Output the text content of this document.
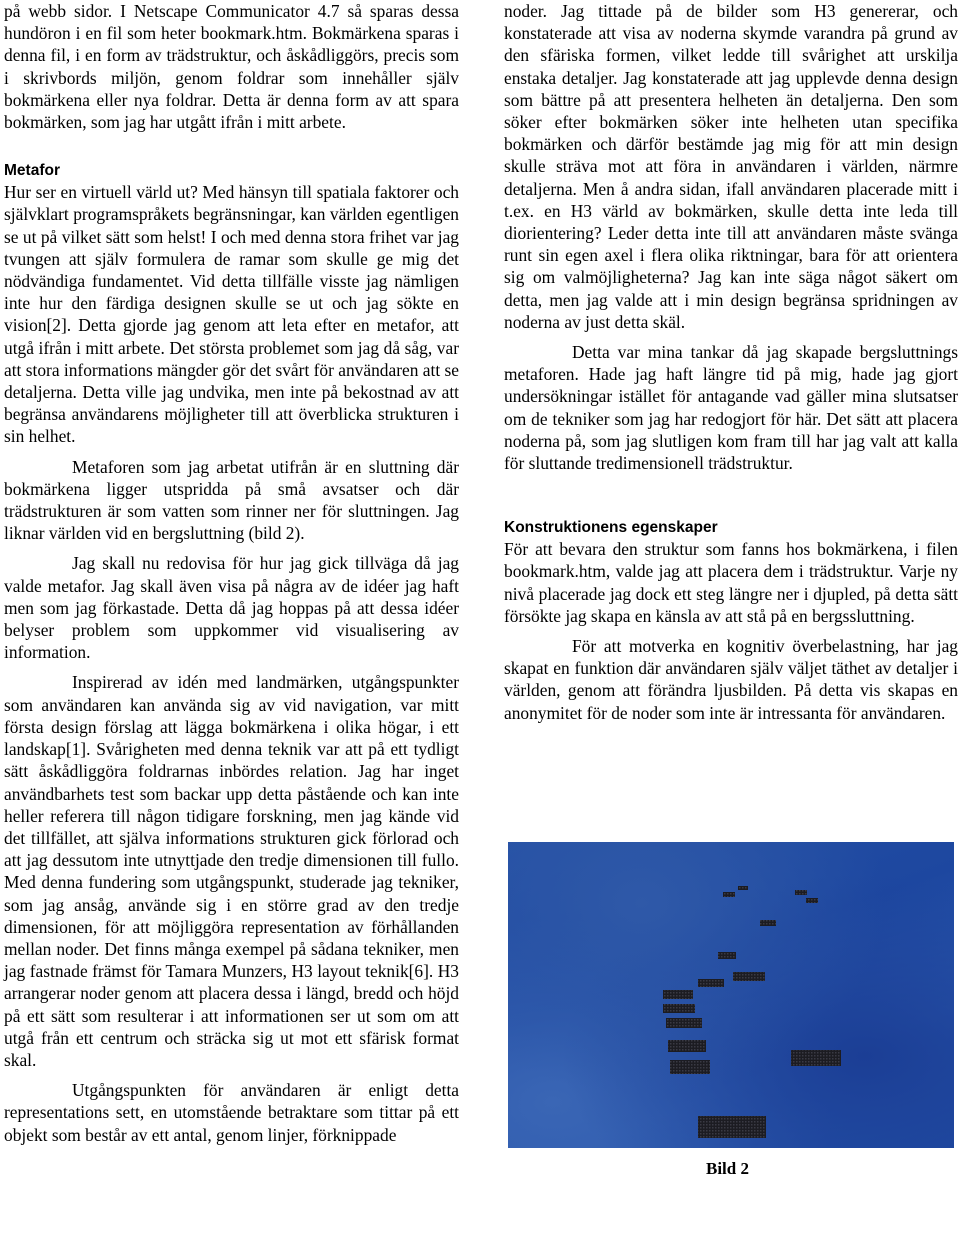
på webb sidor. I Netscape Communicator 4.7 så sparas dessa hundöron i en fil som heter bookmark.htm. Bokmärkena sparas i denna fil, i en form av trädstruktur, och åskådliggörs, precis som i skrivbords miljön, genom foldrar som innehåller själv bokmärkena eller nya foldrar. Detta är denna form av att spara bokmärken, som jag har utgått ifrån i mitt arbete.

Metafor

Hur ser en virtuell värld ut? Med hänsyn till spatiala faktorer och självklart programspråkets begränsningar, kan världen egentligen se ut på vilket sätt som helst! I och med denna stora frihet var jag tvungen att själv formulera de ramar som skulle ge mig det nödvändiga fundamentet. Vid detta tillfälle visste jag nämligen inte hur den färdiga designen skulle se ut och jag sökte en vision[2]. Detta gjorde jag genom att leta efter en metafor, att utgå ifrån i mitt arbete. Det största problemet som jag då såg, var att stora informations mängder gör det svårt för användaren att se detaljerna. Detta ville jag undvika, men inte på bekostnad av att begränsa användarens möjligheter till att överblicka strukturen i sin helhet.

Metaforen som jag arbetat utifrån är en sluttning där bokmärkena ligger utspridda på små avsatser och där trädstrukturen är som vatten som rinner ner för sluttningen. Jag liknar världen vid en bergsluttning (bild 2).

Jag skall nu redovisa för hur jag gick tillväga då jag valde metafor. Jag skall även visa på några av de idéer jag haft men som jag förkastade. Detta då jag hoppas på att dessa idéer belyser problem som uppkommer vid visualisering av information.

Inspirerad av idén med landmärken, utgångspunkter som användaren kan använda sig av vid navigation, var mitt första design förslag att lägga bokmärkena i olika högar, i ett landskap[1]. Svårigheten med denna teknik var att på ett tydligt sätt åskådliggöra foldrarnas inbördes relation. Jag har inget användbarhets test som backar upp detta påstående och kan inte heller referera till någon tidigare forskning, men jag kände vid det tillfället, att själva informations strukturen gick förlorad och att jag dessutom inte utnyttjade den tredje dimensionen till fullo. Med denna fundering som utgångspunkt, studerade jag tekniker, som jag ansåg, använde sig i en större grad av den tredje dimensionen, för att möjliggöra representation av förhållanden mellan noder. Det finns många exempel på sådana tekniker, men jag fastnade främst för Tamara Munzers, H3 layout teknik[6]. H3 arrangerar noder genom att placera dessa i längd, bredd och höjd på ett sätt som resulterar i att informationen ser ut som om att utgå från ett centrum och sträcka sig ut mot ett sfärisk format skal.

Utgångspunkten för användaren är enligt detta representations sett, en utomstående betraktare som tittar på ett objekt som består av ett antal, genom linjer, förknippade

noder. Jag tittade på de bilder som H3 genererar, och konstaterade att visa av noderna skymde varandra på grund av den sfäriska formen, vilket ledde till svårighet att urskilja enstaka detaljer. Jag konstaterade att jag upplevde denna design som bättre på att presentera helheten än detaljerna. Den som söker efter bokmärken söker inte helheten utan specifika bokmärken och därför bestämde jag mig för att min design skulle sträva mot att föra in användaren i världen, närmre detaljerna. Men å andra sidan, ifall användaren placerade mitt i t.ex. en H3 värld av bokmärken, skulle detta inte leda till diorientering? Leder detta inte till att användaren måste svänga runt sin egen axel i flera olika riktningar, bara för att orientera sig om valmöjligheterna? Jag kan inte säga något säkert om detta, men jag valde att i min design begränsa spridningen av noderna av just detta skäl.

Detta var mina tankar då jag skapade bergsluttnings metaforen. Hade jag haft längre tid på mig, hade jag gjort undersökningar istället för antagande vad gäller mina slutsatser om de tekniker som jag har redogjort för här. Det sätt att placera noderna på, som jag slutligen kom fram till har jag valt att kalla för sluttande tredimensionell trädstruktur.

Konstruktionens egenskaper

För att bevara den struktur som fanns hos bokmärkena, i filen bookmark.htm, valde jag att placera dem i trädstruktur. Varje ny nivå placerade jag dock ett steg längre ner i djupled, på detta sätt försökte jag skapa en känsla av att stå på en bergssluttning.

För att motverka en kognitiv överbelastning, har jag skapat en funktion där användaren själv väljet täthet av detaljer i världen, genom att förändra ljusbilden. På detta vis skapas en anonymitet för de noder som inte är intressanta för användaren.

Bild 2
